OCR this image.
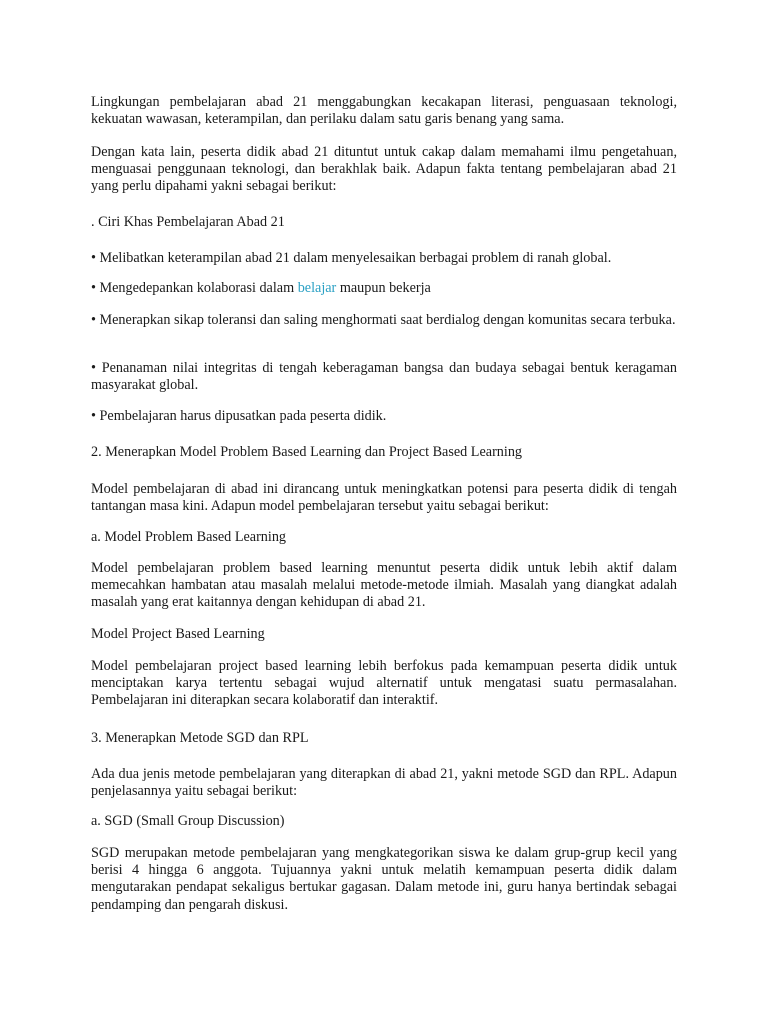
Lingkungan pembelajaran abad 21 menggabungkan kecakapan literasi, penguasaan teknologi, kekuatan wawasan, keterampilan, dan perilaku dalam satu garis benang yang sama.

Dengan kata lain, peserta didik abad 21 dituntut untuk cakap dalam memahami ilmu pengetahuan, menguasai penggunaan teknologi, dan berakhlak baik. Adapun fakta tentang pembelajaran abad 21 yang perlu dipahami yakni sebagai berikut:

. Ciri Khas Pembelajaran Abad 21

• Melibatkan keterampilan abad 21 dalam menyelesaikan berbagai problem di ranah global.

• Mengedepankan kolaborasi dalam belajar maupun bekerja

• Menerapkan sikap toleransi dan saling menghormati saat berdialog dengan komunitas secara terbuka.

• Penanaman nilai integritas di tengah keberagaman bangsa dan budaya sebagai bentuk keragaman masyarakat global.

• Pembelajaran harus dipusatkan pada peserta didik.

2. Menerapkan Model Problem Based Learning dan Project Based Learning

Model pembelajaran di abad ini dirancang untuk meningkatkan potensi para peserta didik di tengah tantangan masa kini. Adapun model pembelajaran tersebut yaitu sebagai berikut:

a. Model Problem Based Learning

Model pembelajaran problem based learning menuntut peserta didik untuk lebih aktif dalam memecahkan hambatan atau masalah melalui metode-metode ilmiah. Masalah yang diangkat adalah masalah yang erat kaitannya dengan kehidupan di abad 21.

Model Project Based Learning

Model pembelajaran project based learning lebih berfokus pada kemampuan peserta didik untuk menciptakan karya tertentu sebagai wujud alternatif untuk mengatasi suatu permasalahan. Pembelajaran ini diterapkan secara kolaboratif dan interaktif.

3. Menerapkan Metode SGD dan RPL

Ada dua jenis metode pembelajaran yang diterapkan di abad 21, yakni metode SGD dan RPL. Adapun penjelasannya yaitu sebagai berikut:

a. SGD (Small Group Discussion)

SGD merupakan metode pembelajaran yang mengkategorikan siswa ke dalam grup-grup kecil yang berisi 4 hingga 6 anggota. Tujuannya yakni untuk melatih kemampuan peserta didik dalam mengutarakan pendapat sekaligus bertukar gagasan. Dalam metode ini, guru hanya bertindak sebagai pendamping dan pengarah diskusi.
